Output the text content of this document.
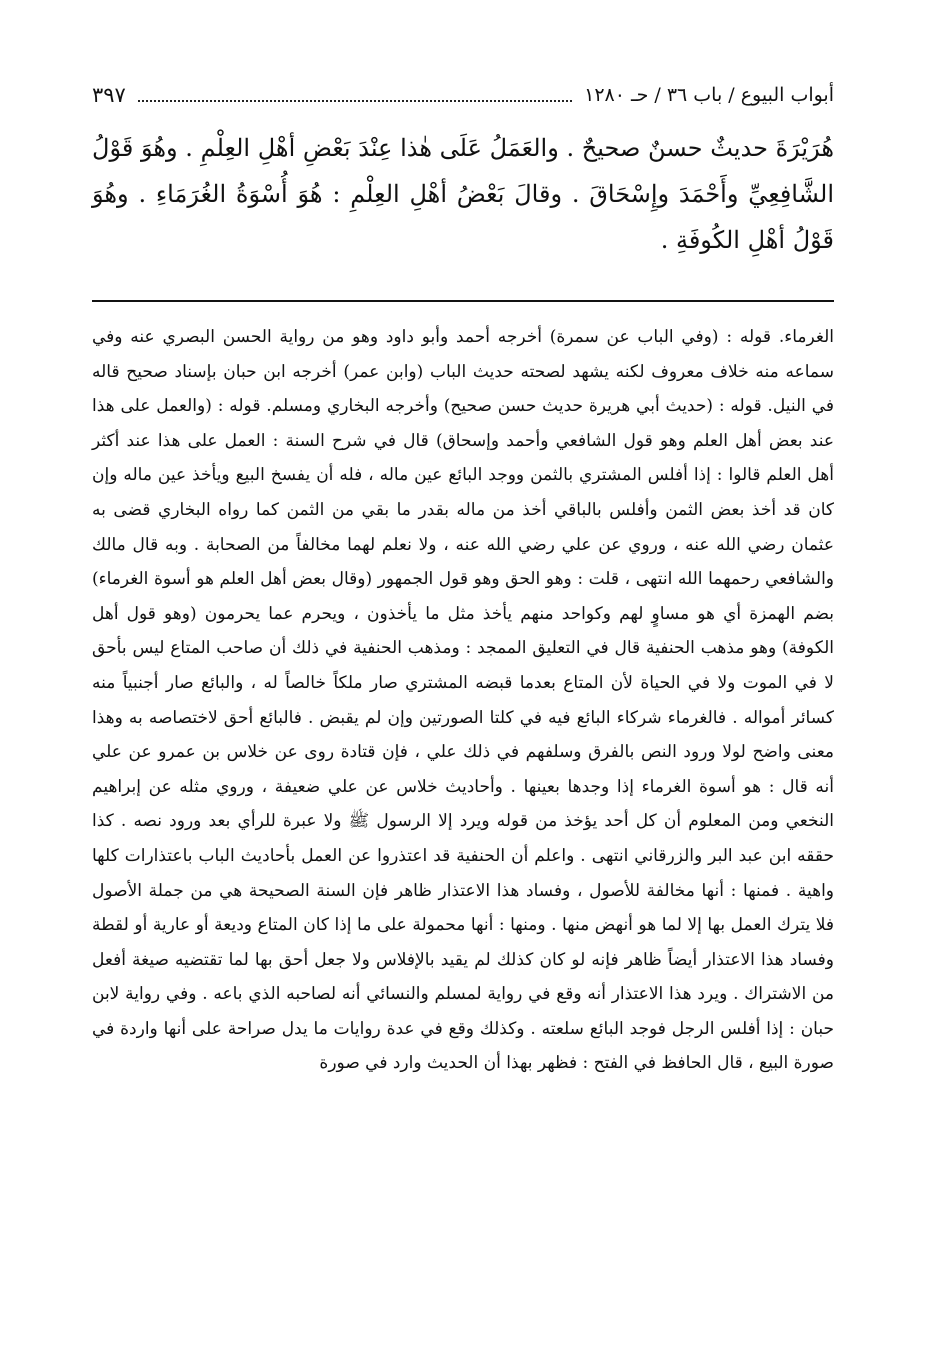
أبواب البيوع / باب ٣٦ / حـ ١٢٨٠
٣٩٧

هُرَيْرَةَ حديثٌ حسنٌ صحيحٌ . والعَمَلُ عَلَى هٰذا عِنْدَ بَعْضِ أهْلِ العِلْمِ . وهُوَ قَوْلُ الشَّافِعِيِّ وأَحْمَدَ وإِسْحَاقَ . وقالَ بَعْضُ أهْلِ العِلْمِ : هُوَ أُسْوَةُ الغُرَمَاءِ . وهُوَ قَوْلُ أهْلِ الكُوفَةِ .

الغرماء. قوله : (وفي الباب عن سمرة) أخرجه أحمد وأبو داود وهو من رواية الحسن البصري عنه وفي سماعه منه خلاف معروف لكنه يشهد لصحته حديث الباب (وابن عمر) أخرجه ابن حبان بإسناد صحيح قاله في النيل. قوله : (حديث أبي هريرة حديث حسن صحيح) وأخرجه البخاري ومسلم. قوله : (والعمل على هذا عند بعض أهل العلم وهو قول الشافعي وأحمد وإسحاق) قال في شرح السنة : العمل على هذا عند أكثر أهل العلم قالوا : إذا أفلس المشتري بالثمن ووجد البائع عين ماله ، فله أن يفسخ البيع ويأخذ عين ماله وإن كان قد أخذ بعض الثمن وأفلس بالباقي أخذ من ماله بقدر ما بقي من الثمن كما رواه البخاري قضى به عثمان رضي الله عنه ، وروي عن علي رضي الله عنه ، ولا نعلم لهما مخالفاً من الصحابة . وبه قال مالك والشافعي رحمهما الله انتهى ، قلت : وهو الحق وهو قول الجمهور (وقال بعض أهل العلم هو أسوة الغرماء) بضم الهمزة أي هو مساوٍ لهم وكواحد منهم يأخذ مثل ما يأخذون ، ويحرم عما يحرمون (وهو قول أهل الكوفة) وهو مذهب الحنفية قال في التعليق الممجد : ومذهب الحنفية في ذلك أن صاحب المتاع ليس بأحق لا في الموت ولا في الحياة لأن المتاع بعدما قبضه المشتري صار ملكاً خالصاً له ، والبائع صار أجنبياً منه كسائر أمواله . فالغرماء شركاء البائع فيه في كلتا الصورتين وإن لم يقبض . فالبائع أحق لاختصاصه به وهذا معنى واضح لولا ورود النص بالفرق وسلفهم في ذلك علي ، فإن قتادة روى عن خلاس بن عمرو عن علي أنه قال : هو أسوة الغرماء إذا وجدها بعينها . وأحاديث خلاس عن علي ضعيفة ، وروي مثله عن إبراهيم النخعي ومن المعلوم أن كل أحد يؤخذ من قوله ويرد إلا الرسول ﷺ ولا عبرة للرأي بعد ورود نصه . كذا حققه ابن عبد البر والزرقاني انتهى . واعلم أن الحنفية قد اعتذروا عن العمل بأحاديث الباب باعتذارات كلها واهية . فمنها : أنها مخالفة للأصول ، وفساد هذا الاعتذار ظاهر فإن السنة الصحيحة هي من جملة الأصول فلا يترك العمل بها إلا لما هو أنهض منها . ومنها : أنها محمولة على ما إذا كان المتاع وديعة أو عارية أو لقطة وفساد هذا الاعتذار أيضاً ظاهر فإنه لو كان كذلك لم يقيد بالإفلاس ولا جعل أحق بها لما تقتضيه صيغة أفعل من الاشتراك . ويرد هذا الاعتذار أنه وقع في رواية لمسلم والنسائي أنه لصاحبه الذي باعه . وفي رواية لابن حبان : إذا أفلس الرجل فوجد البائع سلعته . وكذلك وقع في عدة روايات ما يدل صراحة على أنها واردة في صورة البيع ، قال الحافظ في الفتح : فظهر بهذا أن الحديث وارد في صورة
